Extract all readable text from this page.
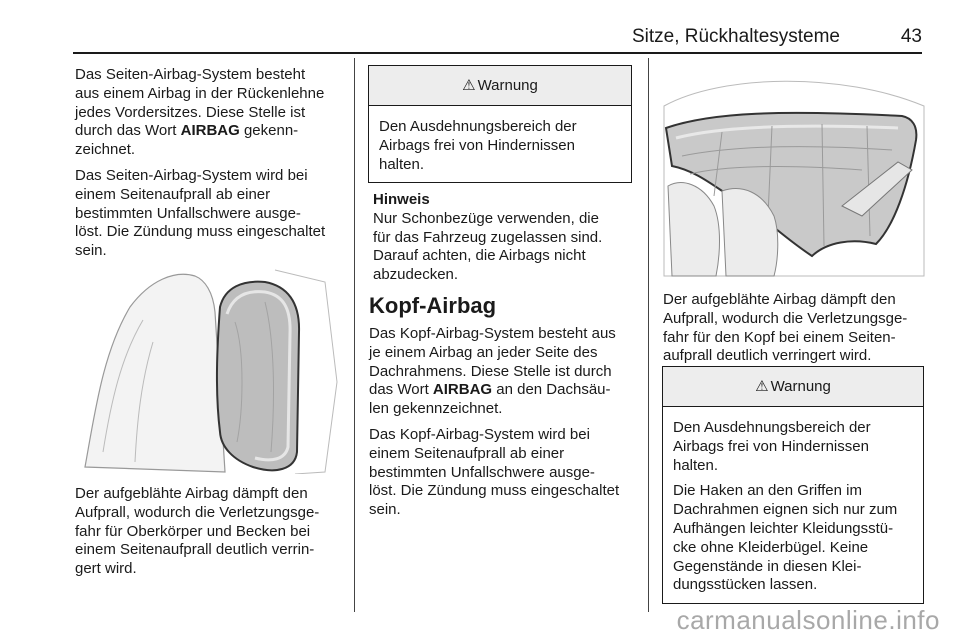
Sitze, Rückhaltesysteme	43

Das Seiten-Airbag-System besteht
aus einem Airbag in der Rückenlehne
jedes Vordersitzes. Diese Stelle ist
durch das Wort AIRBAG gekenn-
zeichnet.

Das Seiten-Airbag-System wird bei
einem Seitenaufprall ab einer
bestimmten Unfallschwere ausge-
löst. Die Zündung muss eingeschaltet
sein.

Der aufgeblähte Airbag dämpft den
Aufprall, wodurch die Verletzungsge-
fahr für Oberkörper und Becken bei
einem Seitenaufprall deutlich verrin-
gert wird.
⚠ Warnung
Den Ausdehnungsbereich der
Airbags frei von Hindernissen
halten.
Hinweis
Nur Schonbezüge verwenden, die
für das Fahrzeug zugelassen sind.
Darauf achten, die Airbags nicht
abzudecken.
Kopf-Airbag

Das Kopf-Airbag-System besteht aus
je einem Airbag an jeder Seite des
Dachrahmens. Diese Stelle ist durch
das Wort AIRBAG an den Dachsäu-
len gekennzeichnet.

Das Kopf-Airbag-System wird bei
einem Seitenaufprall ab einer
bestimmten Unfallschwere ausge-
löst. Die Zündung muss eingeschaltet
sein.

Der aufgeblähte Airbag dämpft den
Aufprall, wodurch die Verletzungsge-
fahr für den Kopf bei einem Seiten-
aufprall deutlich verringert wird.
⚠ Warnung

Den Ausdehnungsbereich der
Airbags frei von Hindernissen
halten.

Die Haken an den Griffen im
Dachrahmen eignen sich nur zum
Aufhängen leichter Kleidungsstü-
cke ohne Kleiderbügel. Keine
Gegenstände in diesen Klei-
dungsstücken lassen.

carmanualsonline.info
